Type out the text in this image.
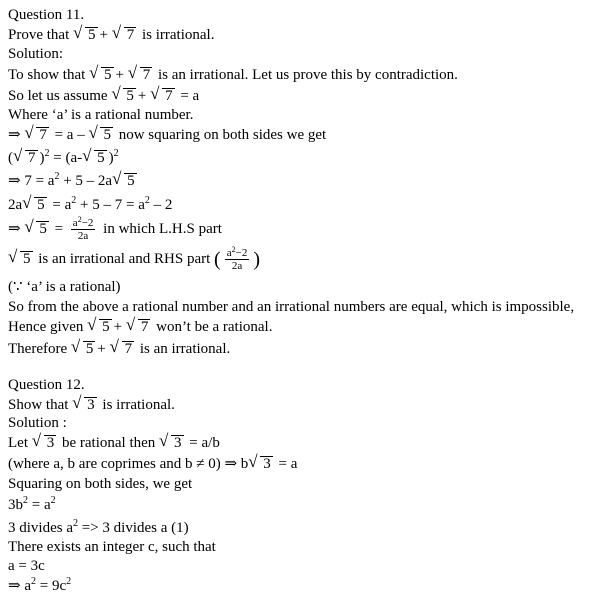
Question 11.
Prove that √ 5 + √ 7 is irrational.
Solution:
To show that √ 5 + √ 7 is an irrational. Let us prove this by contradiction.
So let us assume √ 5 + √ 7 = a
Where ‘a’ is a rational number.
⇒ √ 7 = a – √ 5 now squaring on both sides we get
( √ 7 )$^2$ = (a- √ 5 )$^2$
⇒ $7 = a^2 + 5 - 2a$ √ 5
2a √ $5 = a^2 + 5 - 7 = a^2 - 2$
⇒ √ $5 = \frac{a^2-2}{2a}$ in which L.H.S part
√ 5 is an irrational and RHS part ( $\frac{a^2-2}{2a}$ )
(∵ ‘a’ is a rational)
So from the above a rational number and an irrational numbers are equal, which is impossible,
Hence given √ 5 + √ 7 won’t be a rational.
Therefore √ 5 + √ 7 is an irrational.
Question 12.
Show that √ 3 is irrational.
Solution :
Let √ 3 be rational then √ 3 = a/b
(where a, b are coprimes and b ≠ 0) ⇒ b √ 3 = a
Squaring on both sides, we get
$3b^2 = a^2$
3 divides $a^2 => 3$ divides a (1)
There exists an integer c, such that
a = 3c
⇒ $a^2 = 9c^2$
